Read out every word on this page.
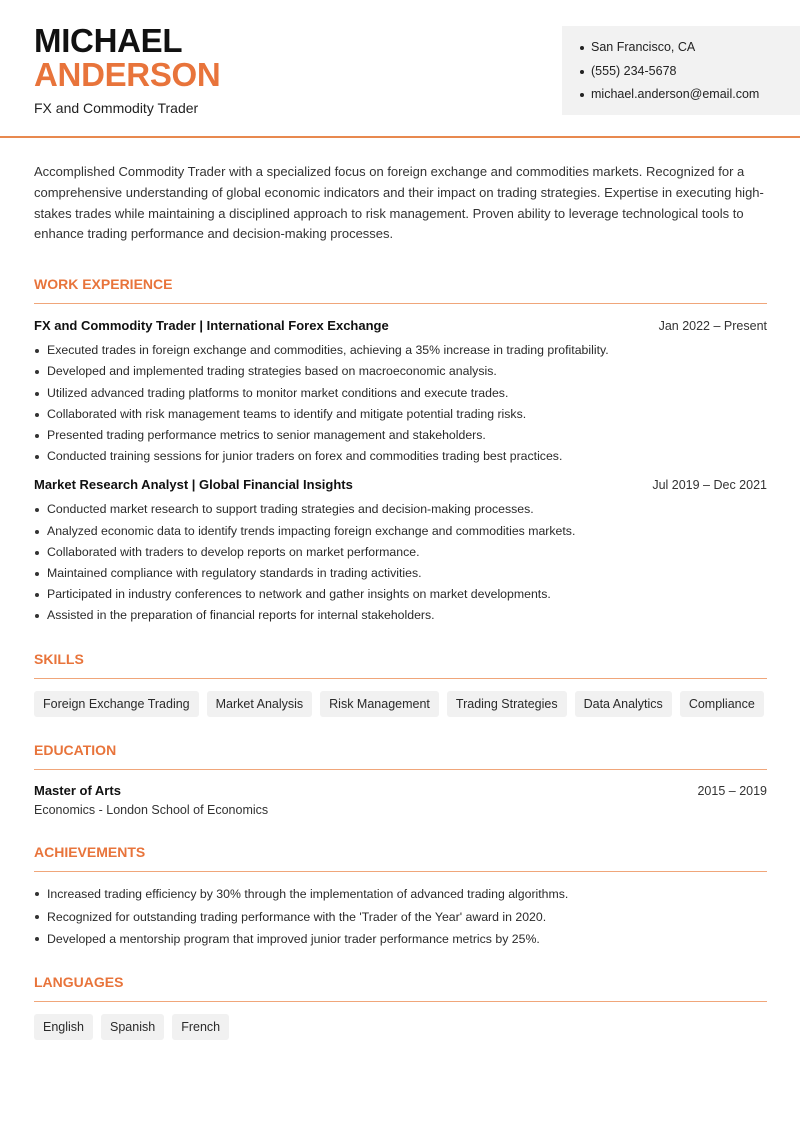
MICHAEL
ANDERSON
FX and Commodity Trader
San Francisco, CA
(555) 234-5678
michael.anderson@email.com

Accomplished Commodity Trader with a specialized focus on foreign exchange and commodities markets. Recognized for a comprehensive understanding of global economic indicators and their impact on trading strategies. Expertise in executing high-stakes trades while maintaining a disciplined approach to risk management. Proven ability to leverage technological tools to enhance trading performance and decision-making processes.

WORK EXPERIENCE
FX and Commodity Trader | International Forex Exchange	Jan 2022 – Present
Executed trades in foreign exchange and commodities, achieving a 35% increase in trading profitability.
Developed and implemented trading strategies based on macroeconomic analysis.
Utilized advanced trading platforms to monitor market conditions and execute trades.
Collaborated with risk management teams to identify and mitigate potential trading risks.
Presented trading performance metrics to senior management and stakeholders.
Conducted training sessions for junior traders on forex and commodities trading best practices.
Market Research Analyst | Global Financial Insights	Jul 2019 – Dec 2021
Conducted market research to support trading strategies and decision-making processes.
Analyzed economic data to identify trends impacting foreign exchange and commodities markets.
Collaborated with traders to develop reports on market performance.
Maintained compliance with regulatory standards in trading activities.
Participated in industry conferences to network and gather insights on market developments.
Assisted in the preparation of financial reports for internal stakeholders.
SKILLS
Foreign Exchange Trading	Market Analysis	Risk Management	Trading Strategies	Data Analytics	Compliance
EDUCATION
Master of Arts	2015 – 2019
Economics - London School of Economics
ACHIEVEMENTS
Increased trading efficiency by 30% through the implementation of advanced trading algorithms.
Recognized for outstanding trading performance with the 'Trader of the Year' award in 2020.
Developed a mentorship program that improved junior trader performance metrics by 25%.
LANGUAGES
English	Spanish	French
